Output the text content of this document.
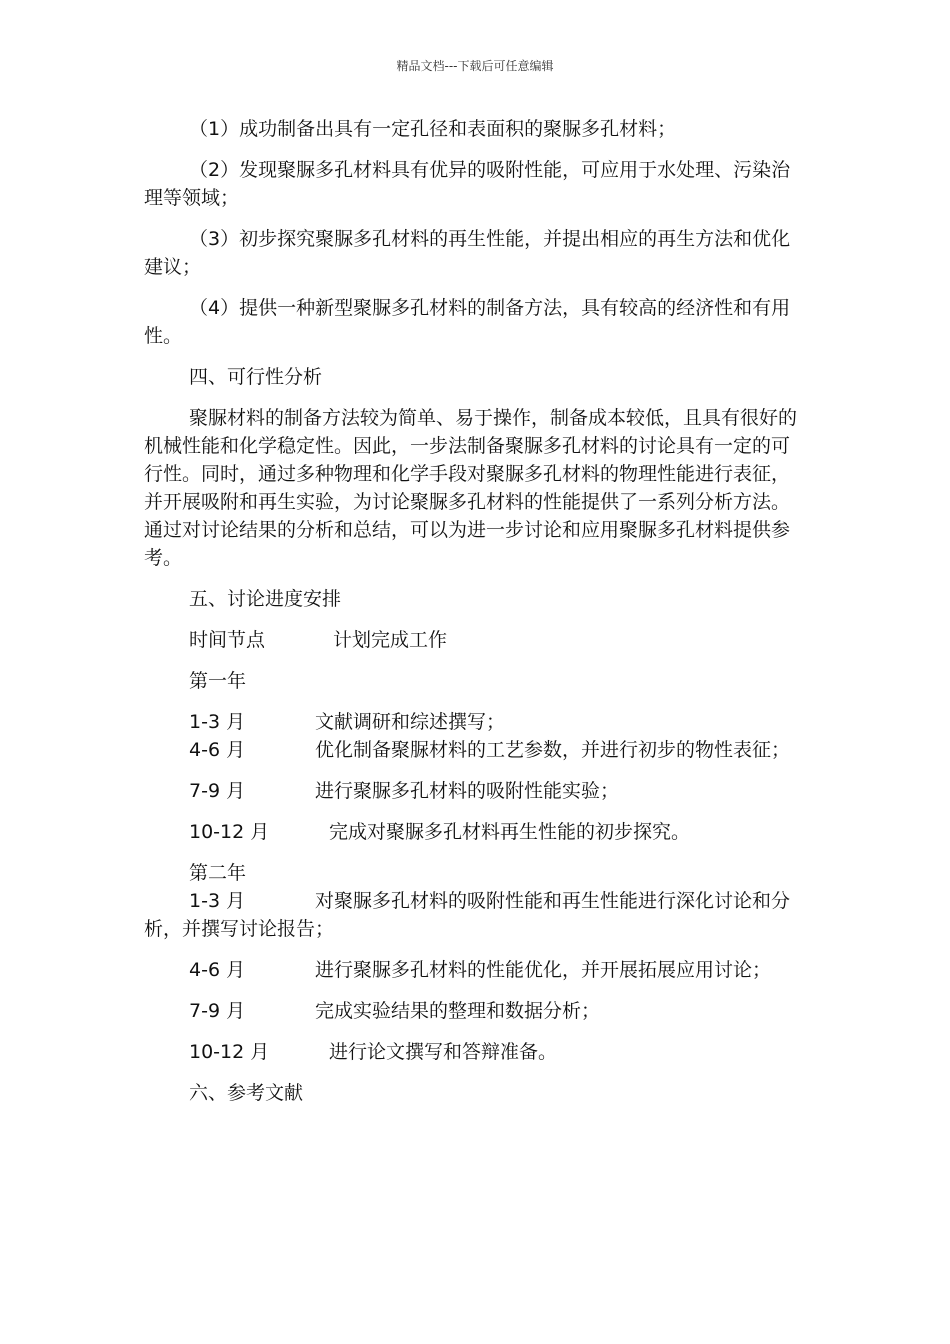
精品文档---下载后可任意编辑

（1）成功制备出具有一定孔径和表面积的聚脲多孔材料；

（2）发现聚脲多孔材料具有优异的吸附性能，可应用于水处理、污染治理等领域；

（3）初步探究聚脲多孔材料的再生性能，并提出相应的再生方法和优化建议；

（4）提供一种新型聚脲多孔材料的制备方法，具有较高的经济性和有用性。

四、可行性分析

聚脲材料的制备方法较为简单、易于操作，制备成本较低，且具有很好的机械性能和化学稳定性。因此，一步法制备聚脲多孔材料的讨论具有一定的可行性。同时，通过多种物理和化学手段对聚脲多孔材料的物理性能进行表征，并开展吸附和再生实验，为讨论聚脲多孔材料的性能提供了一系列分析方法。通过对讨论结果的分析和总结，可以为进一步讨论和应用聚脲多孔材料提供参考。

五、讨论进度安排

时间节点	计划完成工作

第一年

1-3 月	文献调研和综述撰写；

4-6 月	优化制备聚脲材料的工艺参数，并进行初步的物性表征；

7-9 月	进行聚脲多孔材料的吸附性能实验；
10-12 月	完成对聚脲多孔材料再生性能的初步探究。

第二年

1-3 月	对聚脲多孔材料的吸附性能和再生性能进行深化讨论和分析，并撰写讨论报告；

4-6 月	进行聚脲多孔材料的性能优化，并开展拓展应用讨论；
7-9 月	完成实验结果的整理和数据分析；
10-12 月	进行论文撰写和答辩准备。

六、参考文献
